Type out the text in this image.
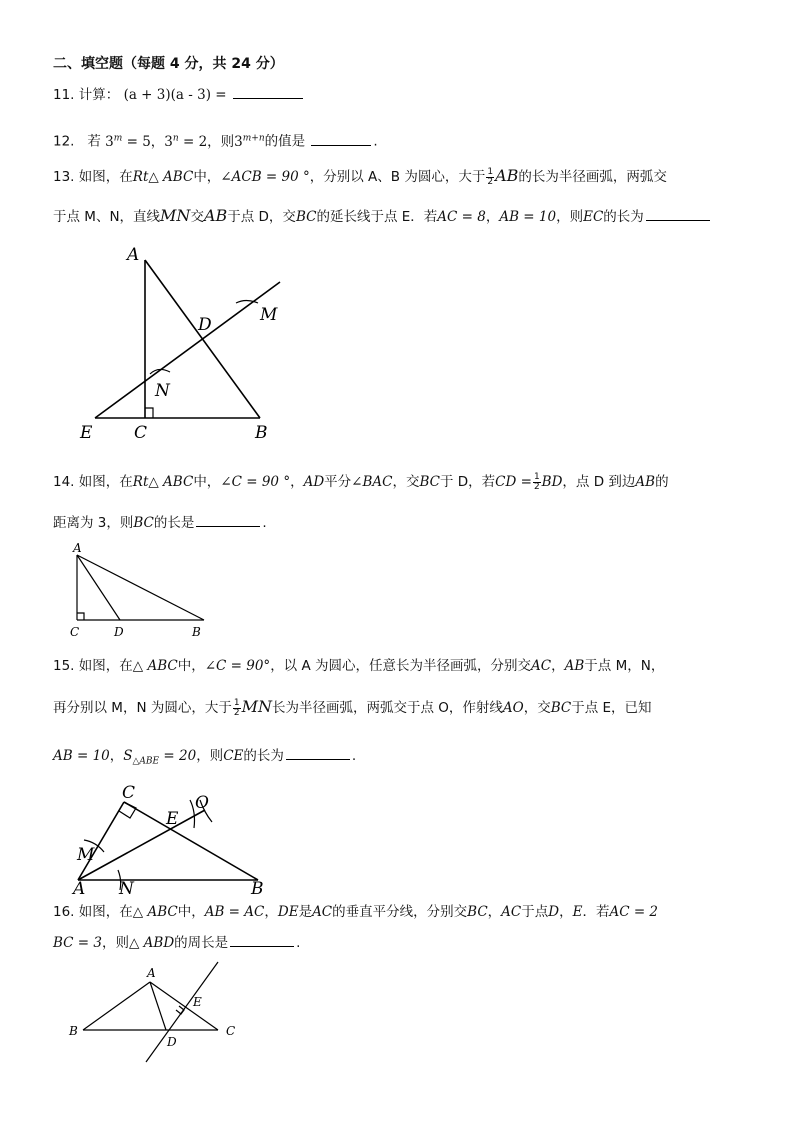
二、填空题（每题 4 分，共 24 分）
11. 计算： (a + 3)(a - 3) =
12. 若 $3^m = 5$，$3^n = 2$，则$3^{m+n}$的值是	.
13. 如图，在Rt△ ABC中，∠ACB = 90 °，分别以 A、B 为圆心，大于 $\frac{1}{2}$ AB的长为半径画弧，两弧交
于点 M、N，直线MN交AB于点 D，交BC的延长线于点 E．若AC = 8，AB = 10，则EC的长为
A
D	M
N
E C	B
14. 如图，在Rt△ ABC中，∠C = 90 °，AD平分∠BAC，交BC于 D，若CD = $\frac{1}{2}$ BD，点 D 到边AB的
距离为 3，则BC的长是	.
A
C	D	B
15. 如图，在△ ABC中，∠C = 90°，以 A 为圆心，任意长为半径画弧，分别交AC，AB于点 M，N，
再分别以 M，N 为圆心，大于 $\frac{1}{2}$ MN长为半径画弧，两弧交于点 O，作射线AO，交BC于点 E，已知
AB = 10，$S_{\triangle ABE} = 20$，则CE的长为	.
C
E
O
M
A N	B
16. 如图，在△ ABC中，AB = AC，DE是AC的垂直平分线，分别交BC，AC于点D，E．若AC = 2
BC = 3，则△ ABD的周长是	.
A
E
B
D
C
